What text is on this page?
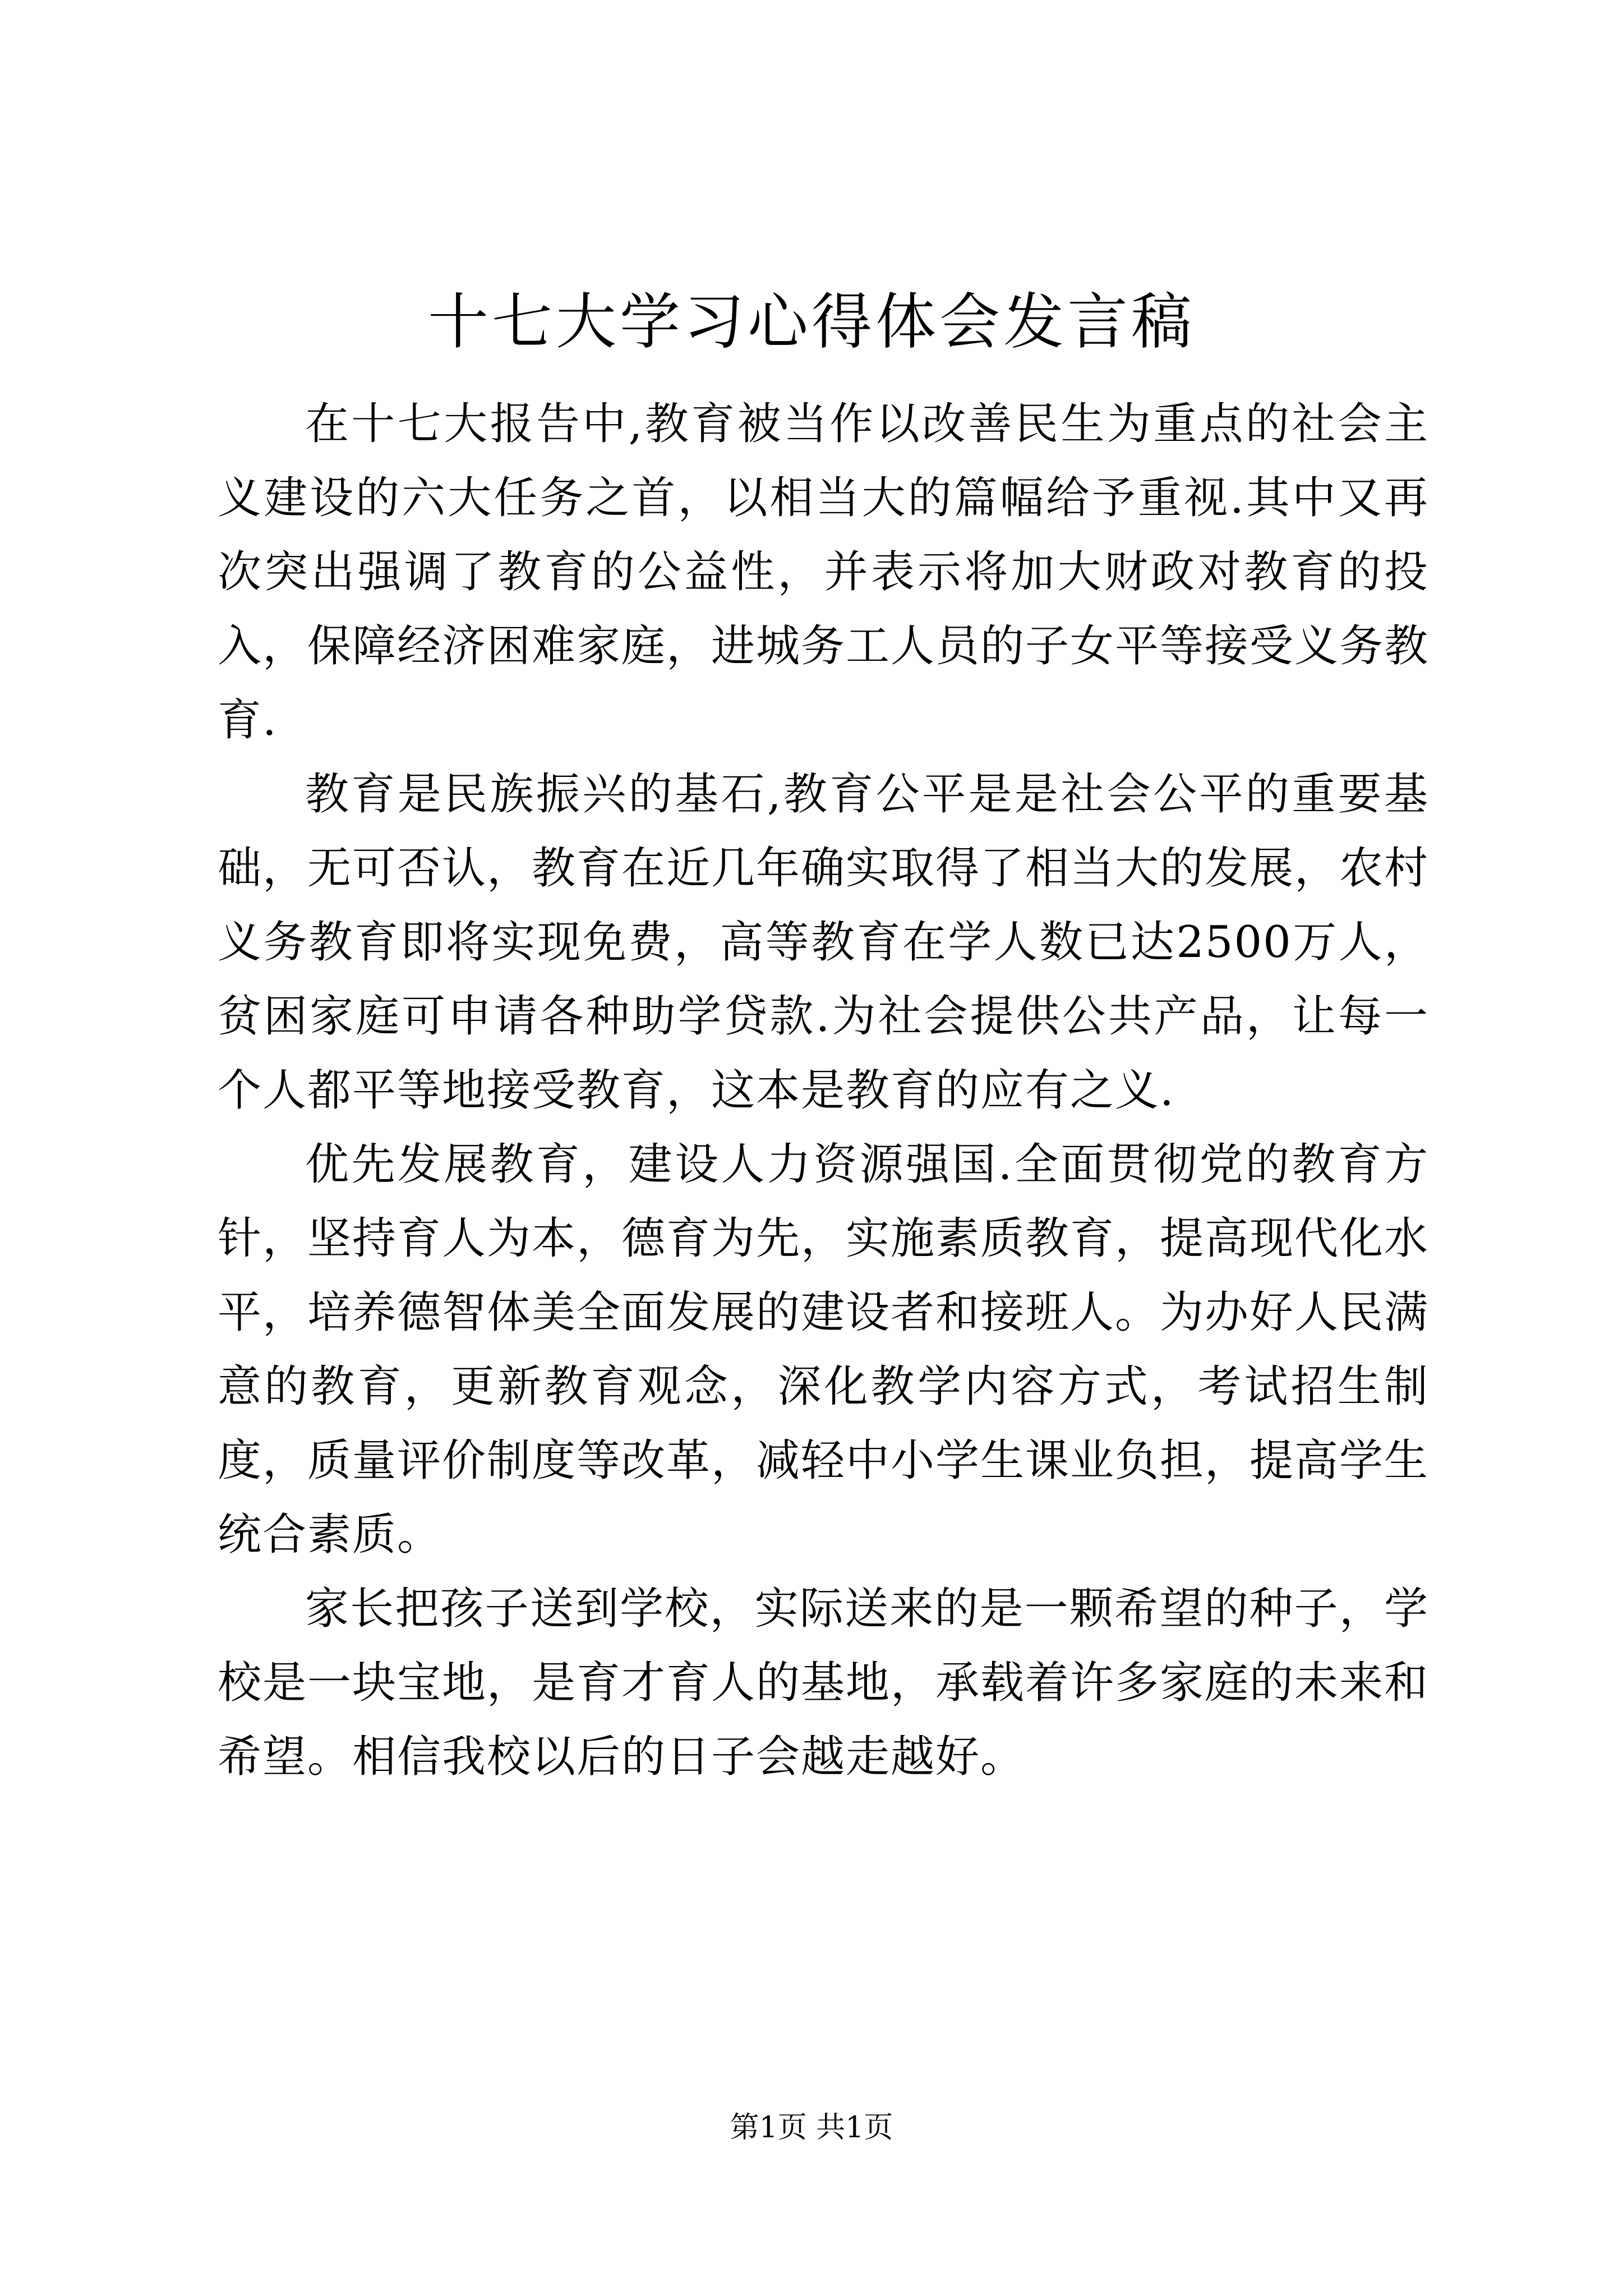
十七大学习心得体会发言稿

在十七大报告中,教育被当作以改善民生为重点的社会主义建设的六大任务之首，以相当大的篇幅给予重视.其中又再次突出强调了教育的公益性，并表示将加大财政对教育的投入，保障经济困难家庭，进城务工人员的子女平等接受义务教育.

教育是民族振兴的基石,教育公平是是社会公平的重要基础，无可否认，教育在近几年确实取得了相当大的发展，农村义务教育即将实现免费，高等教育在学人数已达2500万人，贫困家庭可申请各种助学贷款.为社会提供公共产品，让每一个人都平等地接受教育，这本是教育的应有之义.

优先发展教育，建设人力资源强国.全面贯彻党的教育方针，坚持育人为本，德育为先，实施素质教育，提高现代化水平，培养德智体美全面发展的建设者和接班人。为办好人民满意的教育，更新教育观念，深化教学内容方式，考试招生制度，质量评价制度等改革，减轻中小学生课业负担，提高学生统合素质。

家长把孩子送到学校，实际送来的是一颗希望的种子，学校是一块宝地，是育才育人的基地，承载着许多家庭的未来和希望。相信我校以后的日子会越走越好。

第1页 共1页
